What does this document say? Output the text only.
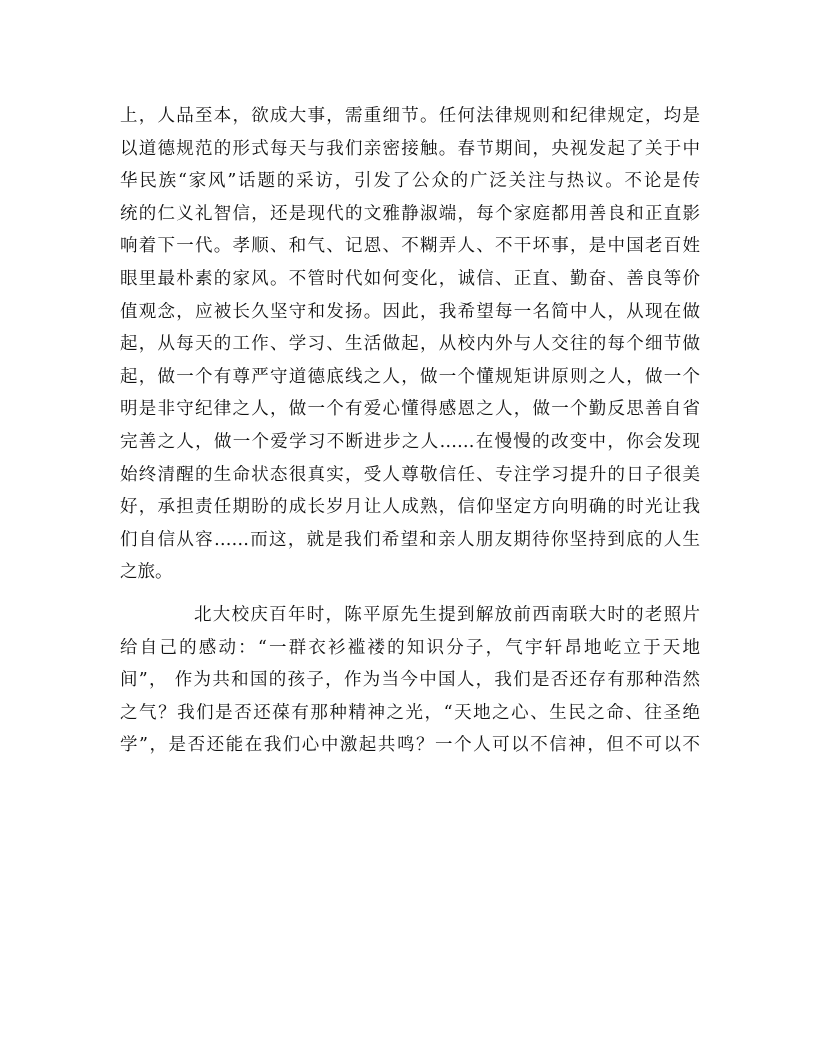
上，人品至本，欲成大事，需重细节。任何法律规则和纪律规定，均是
以道德规范的形式每天与我们亲密接触。春节期间，央视发起了关于中
华民族“家风”话题的采访，引发了公众的广泛关注与热议。不论是传
统的仁义礼智信，还是现代的文雅静淑端，每个家庭都用善良和正直影
响着下一代。孝顺、和气、记恩、不糊弄人、不干坏事，是中国老百姓
眼里最朴素的家风。不管时代如何变化，诚信、正直、勤奋、善良等价
值观念，应被长久坚守和发扬。因此，我希望每一名简中人，从现在做
起，从每天的工作、学习、生活做起，从校内外与人交往的每个细节做
起，做一个有尊严守道德底线之人，做一个懂规矩讲原则之人，做一个
明是非守纪律之人，做一个有爱心懂得感恩之人，做一个勤反思善自省
完善之人，做一个爱学习不断进步之人……在慢慢的改变中，你会发现
始终清醒的生命状态很真实，受人尊敬信任、专注学习提升的日子很美
好，承担责任期盼的成长岁月让人成熟，信仰坚定方向明确的时光让我
们自信从容……而这，就是我们希望和亲人朋友期待你坚持到底的人生
之旅。
北大校庆百年时，陈平原先生提到解放前西南联大时的老照片
给自己的感动：“一群衣衫褴褛的知识分子，气宇轩昂地屹立于天地
间”， 作为共和国的孩子，作为当今中国人，我们是否还存有那种浩然
之气？我们是否还葆有那种精神之光，“天地之心、生民之命、往圣绝
学”，是否还能在我们心中激起共鸣？一个人可以不信神，但不可以不
